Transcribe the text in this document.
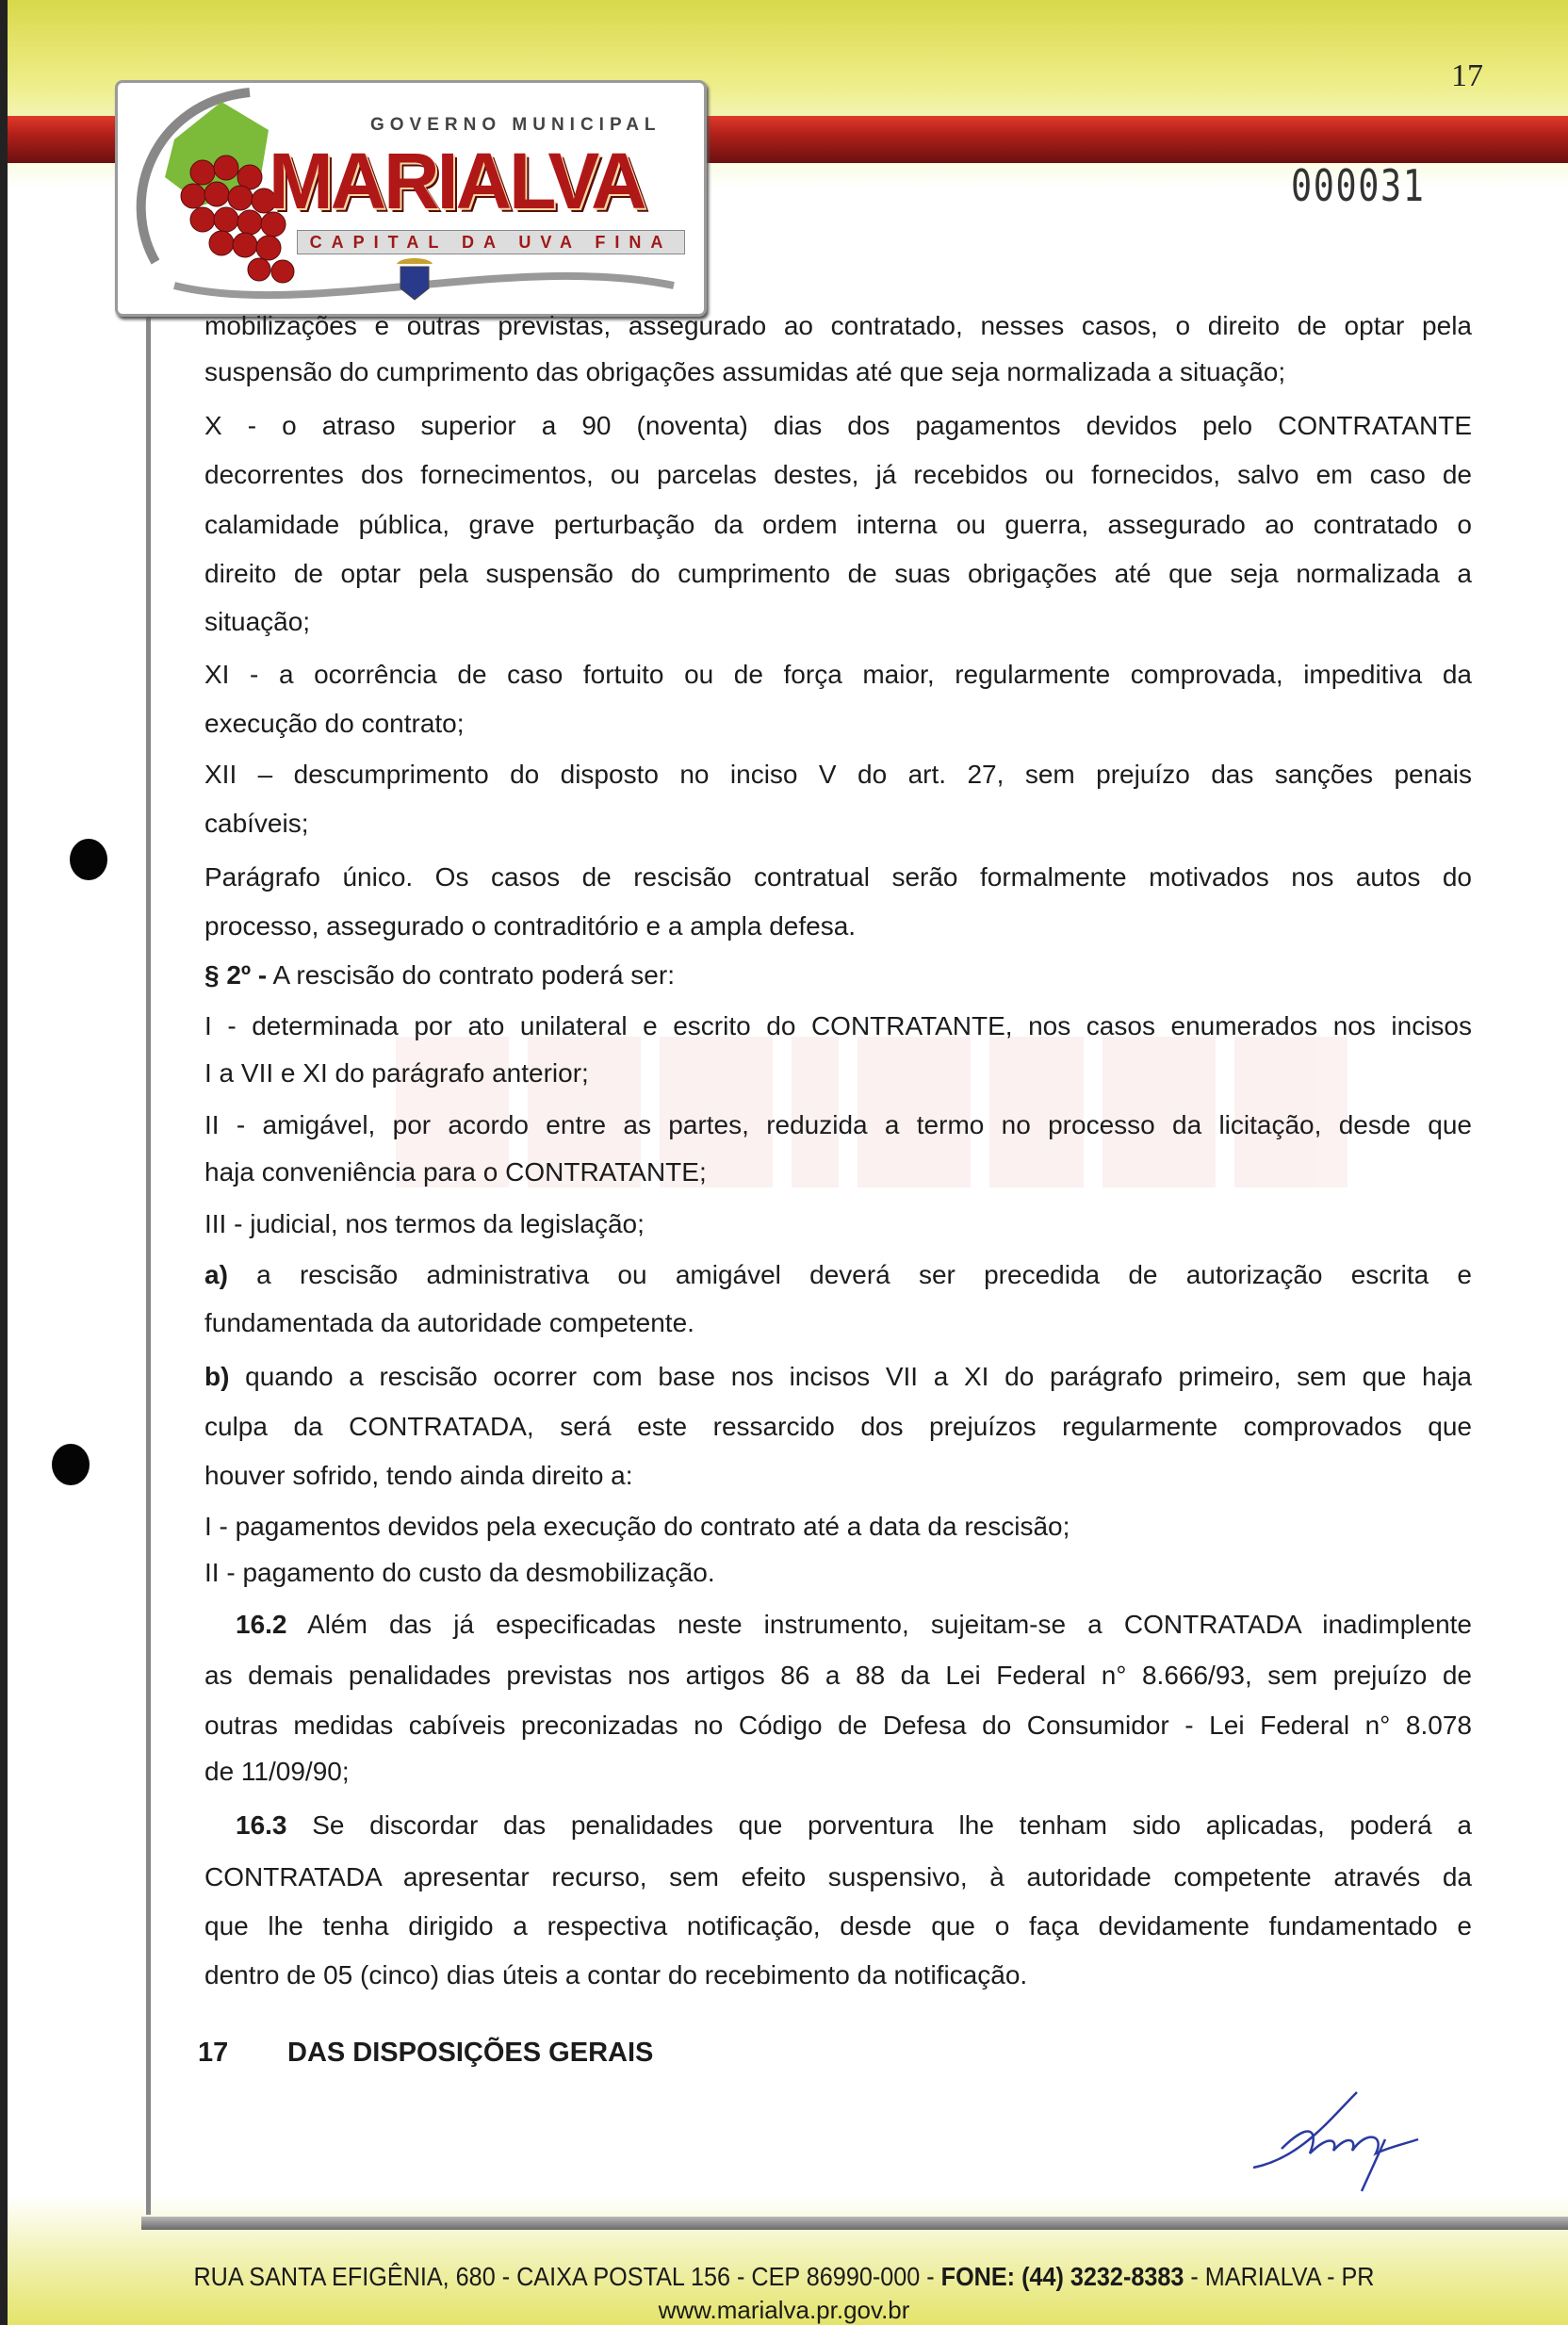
GOVERNO MUNICIPAL
MARIALVA
CAPITAL DA UVA FINA
17
000031
mobilizações e outras previstas, assegurado ao contratado, nesses casos, o direito de optar pela
suspensão do cumprimento das obrigações assumidas até que seja normalizada a situação;
X - o atraso superior a 90 (noventa) dias dos pagamentos devidos pelo CONTRATANTE
decorrentes dos fornecimentos, ou parcelas destes, já recebidos ou fornecidos, salvo em caso de
calamidade pública, grave perturbação da ordem interna ou guerra, assegurado ao contratado o
direito de optar pela suspensão do cumprimento de suas obrigações até que seja normalizada a
situação;
XI - a ocorrência de caso fortuito ou de força maior, regularmente comprovada, impeditiva da
execução do contrato;
XII – descumprimento do disposto no inciso V do art. 27, sem prejuízo das sanções penais
cabíveis;
Parágrafo único. Os casos de rescisão contratual serão formalmente motivados nos autos do
processo, assegurado o contraditório e a ampla defesa.
§ 2º - A rescisão do contrato poderá ser:
I - determinada por ato unilateral e escrito do CONTRATANTE, nos casos enumerados nos incisos
I a VII e XI do parágrafo anterior;
II - amigável, por acordo entre as partes, reduzida a termo no processo da licitação, desde que
haja conveniência para o CONTRATANTE;
III - judicial, nos termos da legislação;
a) a rescisão administrativa ou amigável deverá ser precedida de autorização escrita e
fundamentada da autoridade competente.
b) quando a rescisão ocorrer com base nos incisos VII a XI do parágrafo primeiro, sem que haja
culpa da CONTRATADA, será este ressarcido dos prejuízos regularmente comprovados que
houver sofrido, tendo ainda direito a:
I - pagamentos devidos pela execução do contrato até a data da rescisão;
II - pagamento do custo da desmobilização.
16.2 Além das já especificadas neste instrumento, sujeitam-se a CONTRATADA inadimplente
as demais penalidades previstas nos artigos 86 a 88 da Lei Federal n° 8.666/93, sem prejuízo de
outras medidas cabíveis preconizadas no Código de Defesa do Consumidor - Lei Federal n° 8.078
de 11/09/90;
16.3 Se discordar das penalidades que porventura lhe tenham sido aplicadas, poderá a
CONTRATADA apresentar recurso, sem efeito suspensivo, à autoridade competente através da
que lhe tenha dirigido a respectiva notificação, desde que o faça devidamente fundamentado e
dentro de 05 (cinco) dias úteis a contar do recebimento da notificação.
17 DAS DISPOSIÇÕES GERAIS
RUA SANTA EFIGÊNIA, 680 - CAIXA POSTAL 156 - CEP 86990-000 - FONE: (44) 3232-8383 - MARIALVA - PR
www.marialva.pr.gov.br
